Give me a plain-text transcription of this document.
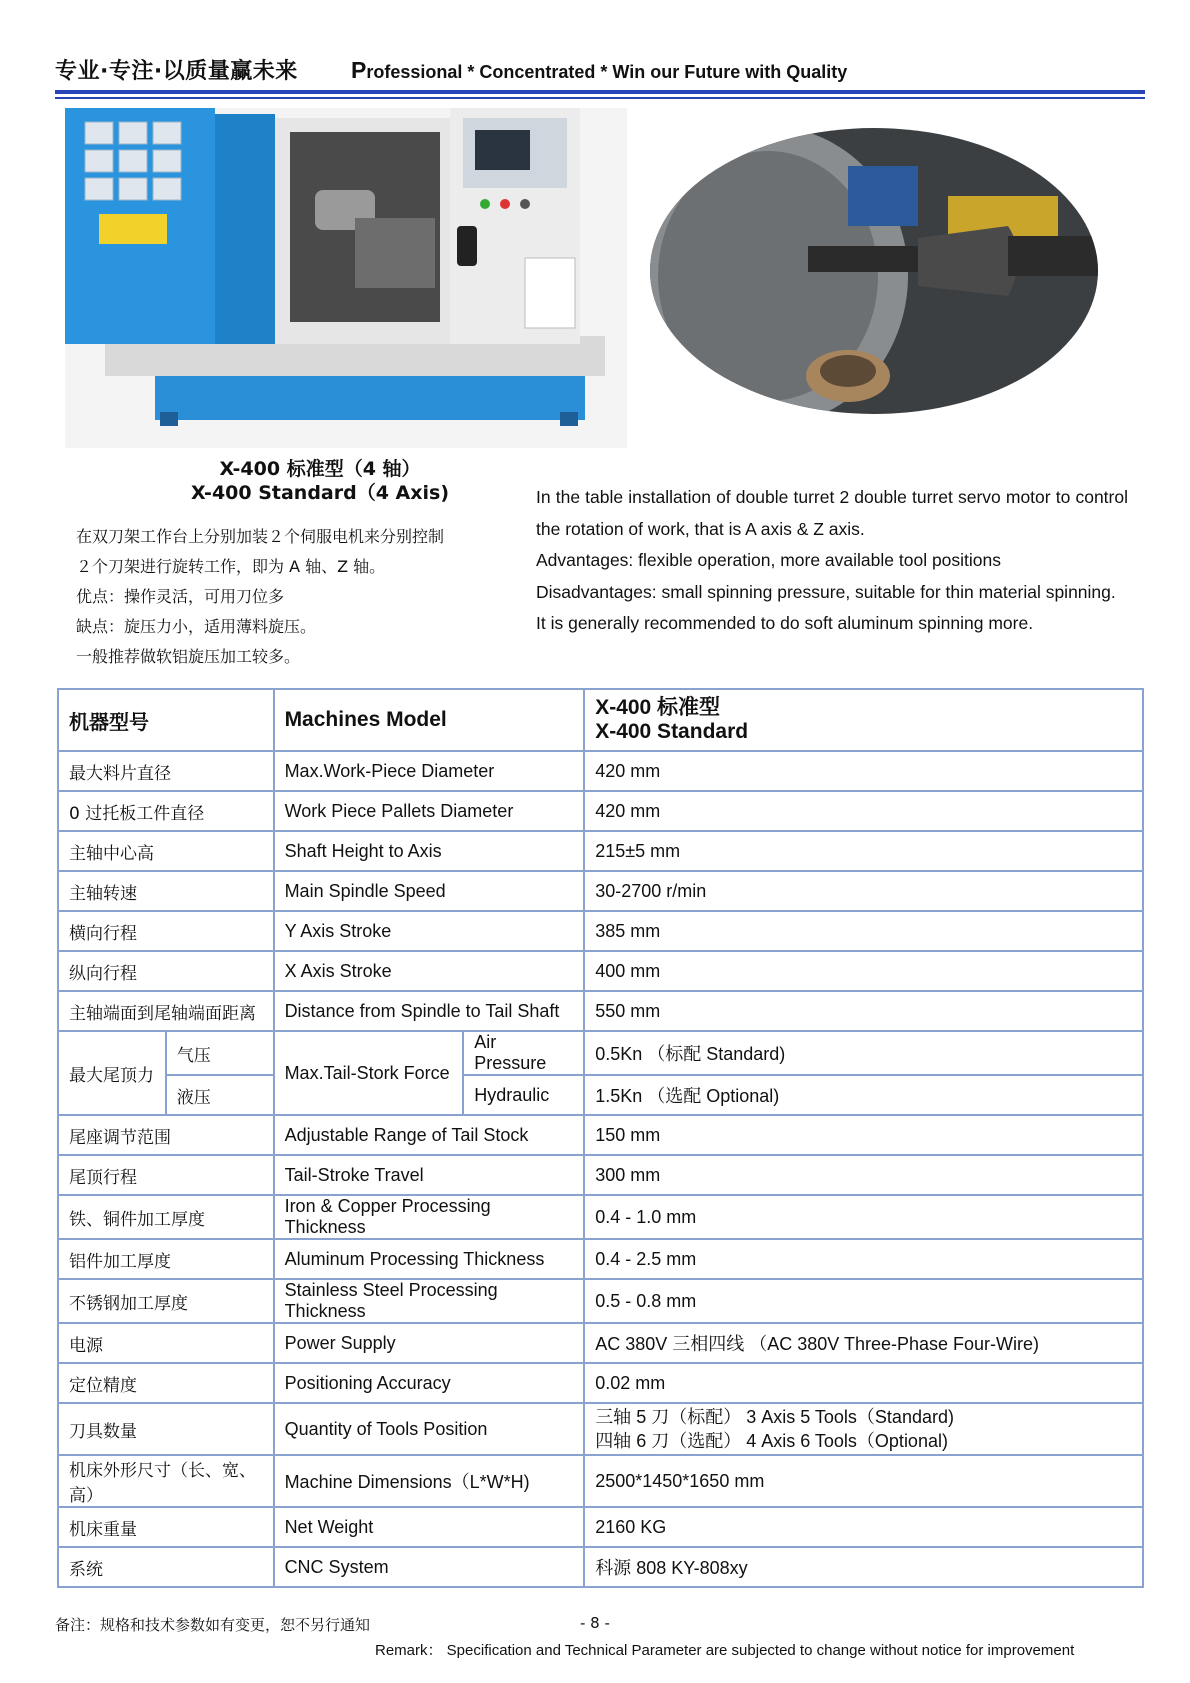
专业·专注·以质量赢未来 Professional * Concentrated * Win our Future with Quality
X-400 标准型（4 轴）
X-400 Standard（4 Axis)

在双刀架工作台上分别加装２个伺服电机来分别控制

２个刀架进行旋转工作，即为 A 轴、Z 轴。

优点：操作灵活，可用刀位多

缺点：旋压力小，适用薄料旋压。

一般推荐做软铝旋压加工较多。

In the table installation of double turret 2 double turret servo motor to control the rotation of work, that is A axis & Z axis.

Advantages: flexible operation, more available tool positions

Disadvantages: small spinning pressure, suitable for thin material spinning.

It is generally recommended to do soft aluminum spinning more.

机器型号		Machines Model		X-400 标准型
X-400 Standard

最大料片直径		Max.Work-Piece Diameter		420 mm
0 过托板工件直径		Work Piece Pallets Diameter		420 mm
主轴中心高		Shaft Height to Axis		215±5 mm
主轴转速		Main Spindle Speed		30-2700 r/min
横向行程		Y Axis Stroke		385 mm
纵向行程		X Axis Stroke		400 mm
主轴端面到尾轴端面距离		Distance from Spindle to Tail Shaft		550 mm
最大尾顶力	气压	Max.Tail-Stork Force	Air Pressure	0.5Kn （标配 Standard)
	液压		Hydraulic	1.5Kn （选配 Optional)
尾座调节范围		Adjustable Range of Tail Stock		150 mm
尾顶行程		Tail-Stroke Travel		300 mm
铁、铜件加工厚度		Iron & Copper Processing Thickness		0.4 - 1.0 mm
铝件加工厚度		Aluminum Processing Thickness		0.4 - 2.5 mm
不锈钢加工厚度		Stainless Steel Processing Thickness		0.5 - 0.8 mm
电源		Power Supply		AC 380V 三相四线 （AC 380V Three-Phase Four-Wire)
定位精度		Positioning Accuracy		0.02 mm
刀具数量		Quantity of Tools Position		三轴 5 刀（标配） 3 Axis 5 Tools（Standard)
四轴 6 刀（选配） 4 Axis 6 Tools（Optional)

机床外形尺寸（长、宽、高）		Machine Dimensions（L*W*H)		2500*1450*1650 mm
机床重量		Net Weight		2160 KG
系统		CNC System		科源 808 KY-808xy
备注：规格和技术参数如有变更，恕不另行通知	- 8 -
Remark： Specification and Technical Parameter are subjected to change without notice for improvement
